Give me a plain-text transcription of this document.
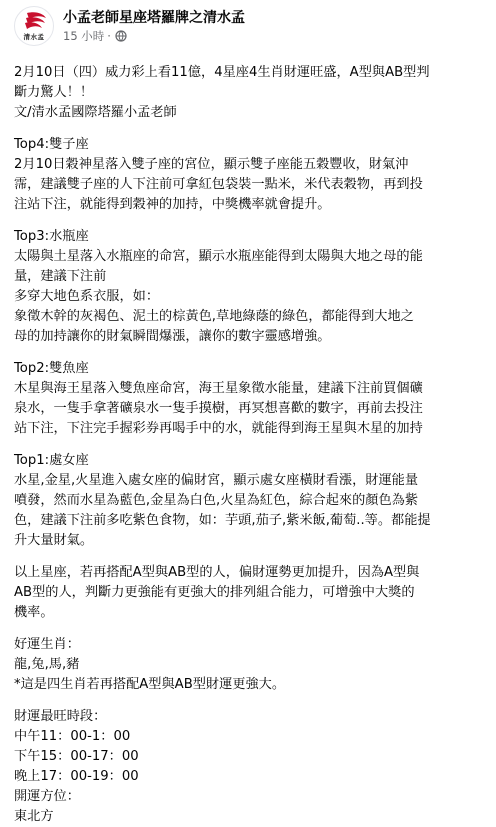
清水孟
小孟老師星座塔羅牌之清水孟
15 小時 ·
2月10日（四）威力彩上看11億，4星座4生肖財運旺盛，A型與AB型判
斷力驚人！！
文/清水孟國際塔羅小孟老師
Top4:雙子座
2月10日穀神星落入雙子座的宮位，顯示雙子座能五穀豐收，財氣沖
霈，建議雙子座的人下注前可拿紅包袋裝一點米，米代表穀物，再到投
注站下注，就能得到穀神的加持，中獎機率就會提升。
Top3:水瓶座
太陽與土星落入水瓶座的命宮，顯示水瓶座能得到太陽與大地之母的能
量，建議下注前
多穿大地色系衣服，如：
象徵木幹的灰褐色、泥土的棕黃色,草地綠蔭的綠色，都能得到大地之
母的加持讓你的財氣瞬間爆漲，讓你的數字靈感增強。
Top2:雙魚座
木星與海王星落入雙魚座命宮，海王星象徵水能量，建議下注前買個礦
泉水，一隻手拿著礦泉水一隻手摸樹，再冥想喜歡的數字，再前去投注
站下注，下注完手握彩券再喝手中的水，就能得到海王星與木星的加持
Top1:處女座
水星,金星,火星進入處女座的偏財宮，顯示處女座橫財看漲，財運能量
噴發，然而水星為藍色,金星為白色,火星為紅色，綜合起來的顏色為紫
色，建議下注前多吃紫色食物，如：芋頭,茄子,紫米飯,葡萄..等。都能提
升大量財氣。
以上星座，若再搭配A型與AB型的人，偏財運勢更加提升，因為A型與
AB型的人，判斷力更強能有更強大的排列組合能力，可增強中大獎的
機率。
好運生肖：
龍,兔,馬,豬
*這是四生肖若再搭配A型與AB型財運更強大。
財運最旺時段：
中午11：00-1：00
下午15：00-17：00
晚上17：00-19：00
開運方位：
東北方
